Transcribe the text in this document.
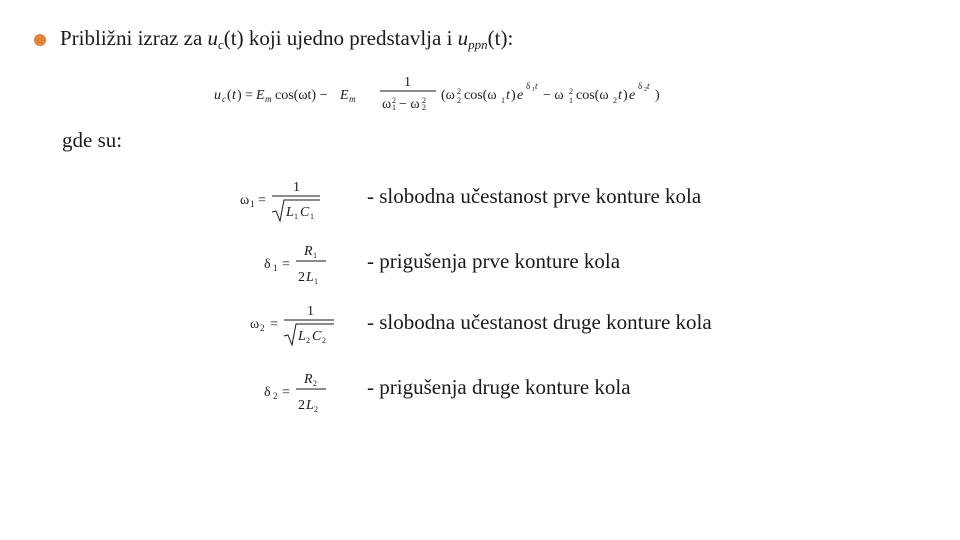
Približni izraz za $u_c(t)$ koji ujedno predstavlja i $u_{ppn}(t)$:
u c ( t ) = E m cos(ωt) − E m
1
ω 2
1 − ω 2
2
(ω 2
2 cos(ω 1 t ) e
δ 1 t
− ω 2
1 cos(ω 2 t ) e
δ 2 t
)
gde su:
ω 1 =
1
L 1 C 1
- slobodna učestanost prve konture kola
δ 1 =
R 1
2 L 1
- prigušenja prve konture kola
ω 2 =
1
L 2 C 2
- slobodna učestanost druge konture kola
δ 2 =
R 2
2 L 2
- prigušenja druge konture kola
